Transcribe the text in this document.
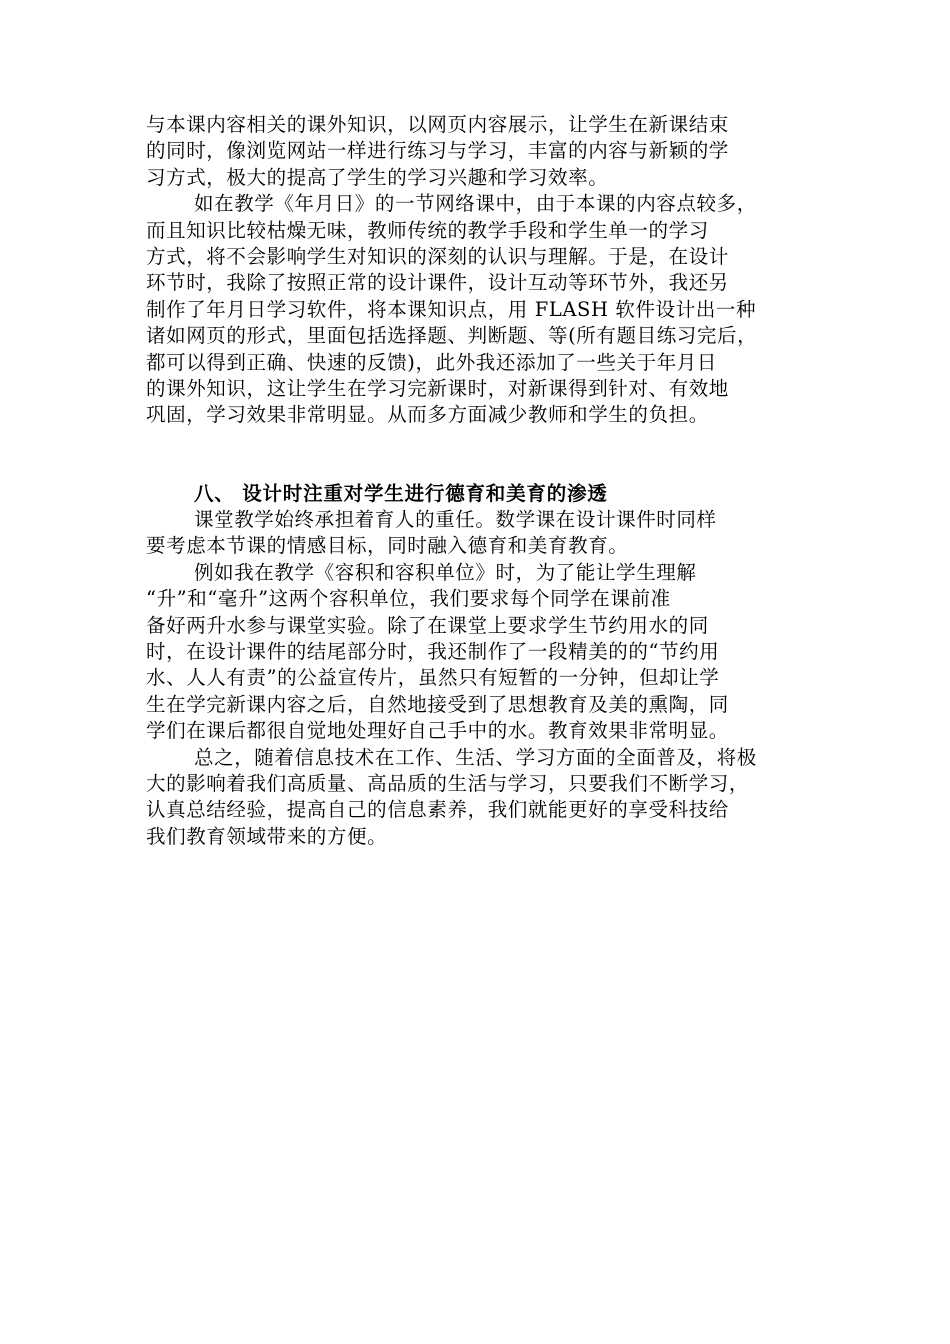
与本课内容相关的课外知识，以网页内容展示，让学生在新课结束
的同时，像浏览网站一样进行练习与学习，丰富的内容与新颖的学
习方式，极大的提高了学生的学习兴趣和学习效率。
如在教学《年月日》的一节网络课中，由于本课的内容点较多，
而且知识比较枯燥无味，教师传统的教学手段和学生单一的学习
方式，将不会影响学生对知识的深刻的认识与理解。于是，在设计
环节时，我除了按照正常的设计课件，设计互动等环节外，我还另
制作了年月日学习软件，将本课知识点，用 FLASH 软件设计出一种
诸如网页的形式，里面包括选择题、判断题、等(所有题目练习完后，
都可以得到正确、快速的反馈)，此外我还添加了一些关于年月日
的课外知识，这让学生在学习完新课时，对新课得到针对、有效地
巩固，学习效果非常明显。从而多方面减少教师和学生的负担。
八、 设计时注重对学生进行德育和美育的渗透
课堂教学始终承担着育人的重任。数学课在设计课件时同样
要考虑本节课的情感目标，同时融入德育和美育教育。
例如我在教学《容积和容积单位》时，为了能让学生理解
“升”和“毫升”这两个容积单位，我们要求每个同学在课前准
备好两升水参与课堂实验。除了在课堂上要求学生节约用水的同
时，在设计课件的结尾部分时，我还制作了一段精美的的“节约用
水、人人有责”的公益宣传片，虽然只有短暂的一分钟，但却让学
生在学完新课内容之后，自然地接受到了思想教育及美的熏陶，同
学们在课后都很自觉地处理好自己手中的水。教育效果非常明显。
总之，随着信息技术在工作、生活、学习方面的全面普及，将极
大的影响着我们高质量、高品质的生活与学习，只要我们不断学习，
认真总结经验，提高自己的信息素养，我们就能更好的享受科技给
我们教育领域带来的方便。
